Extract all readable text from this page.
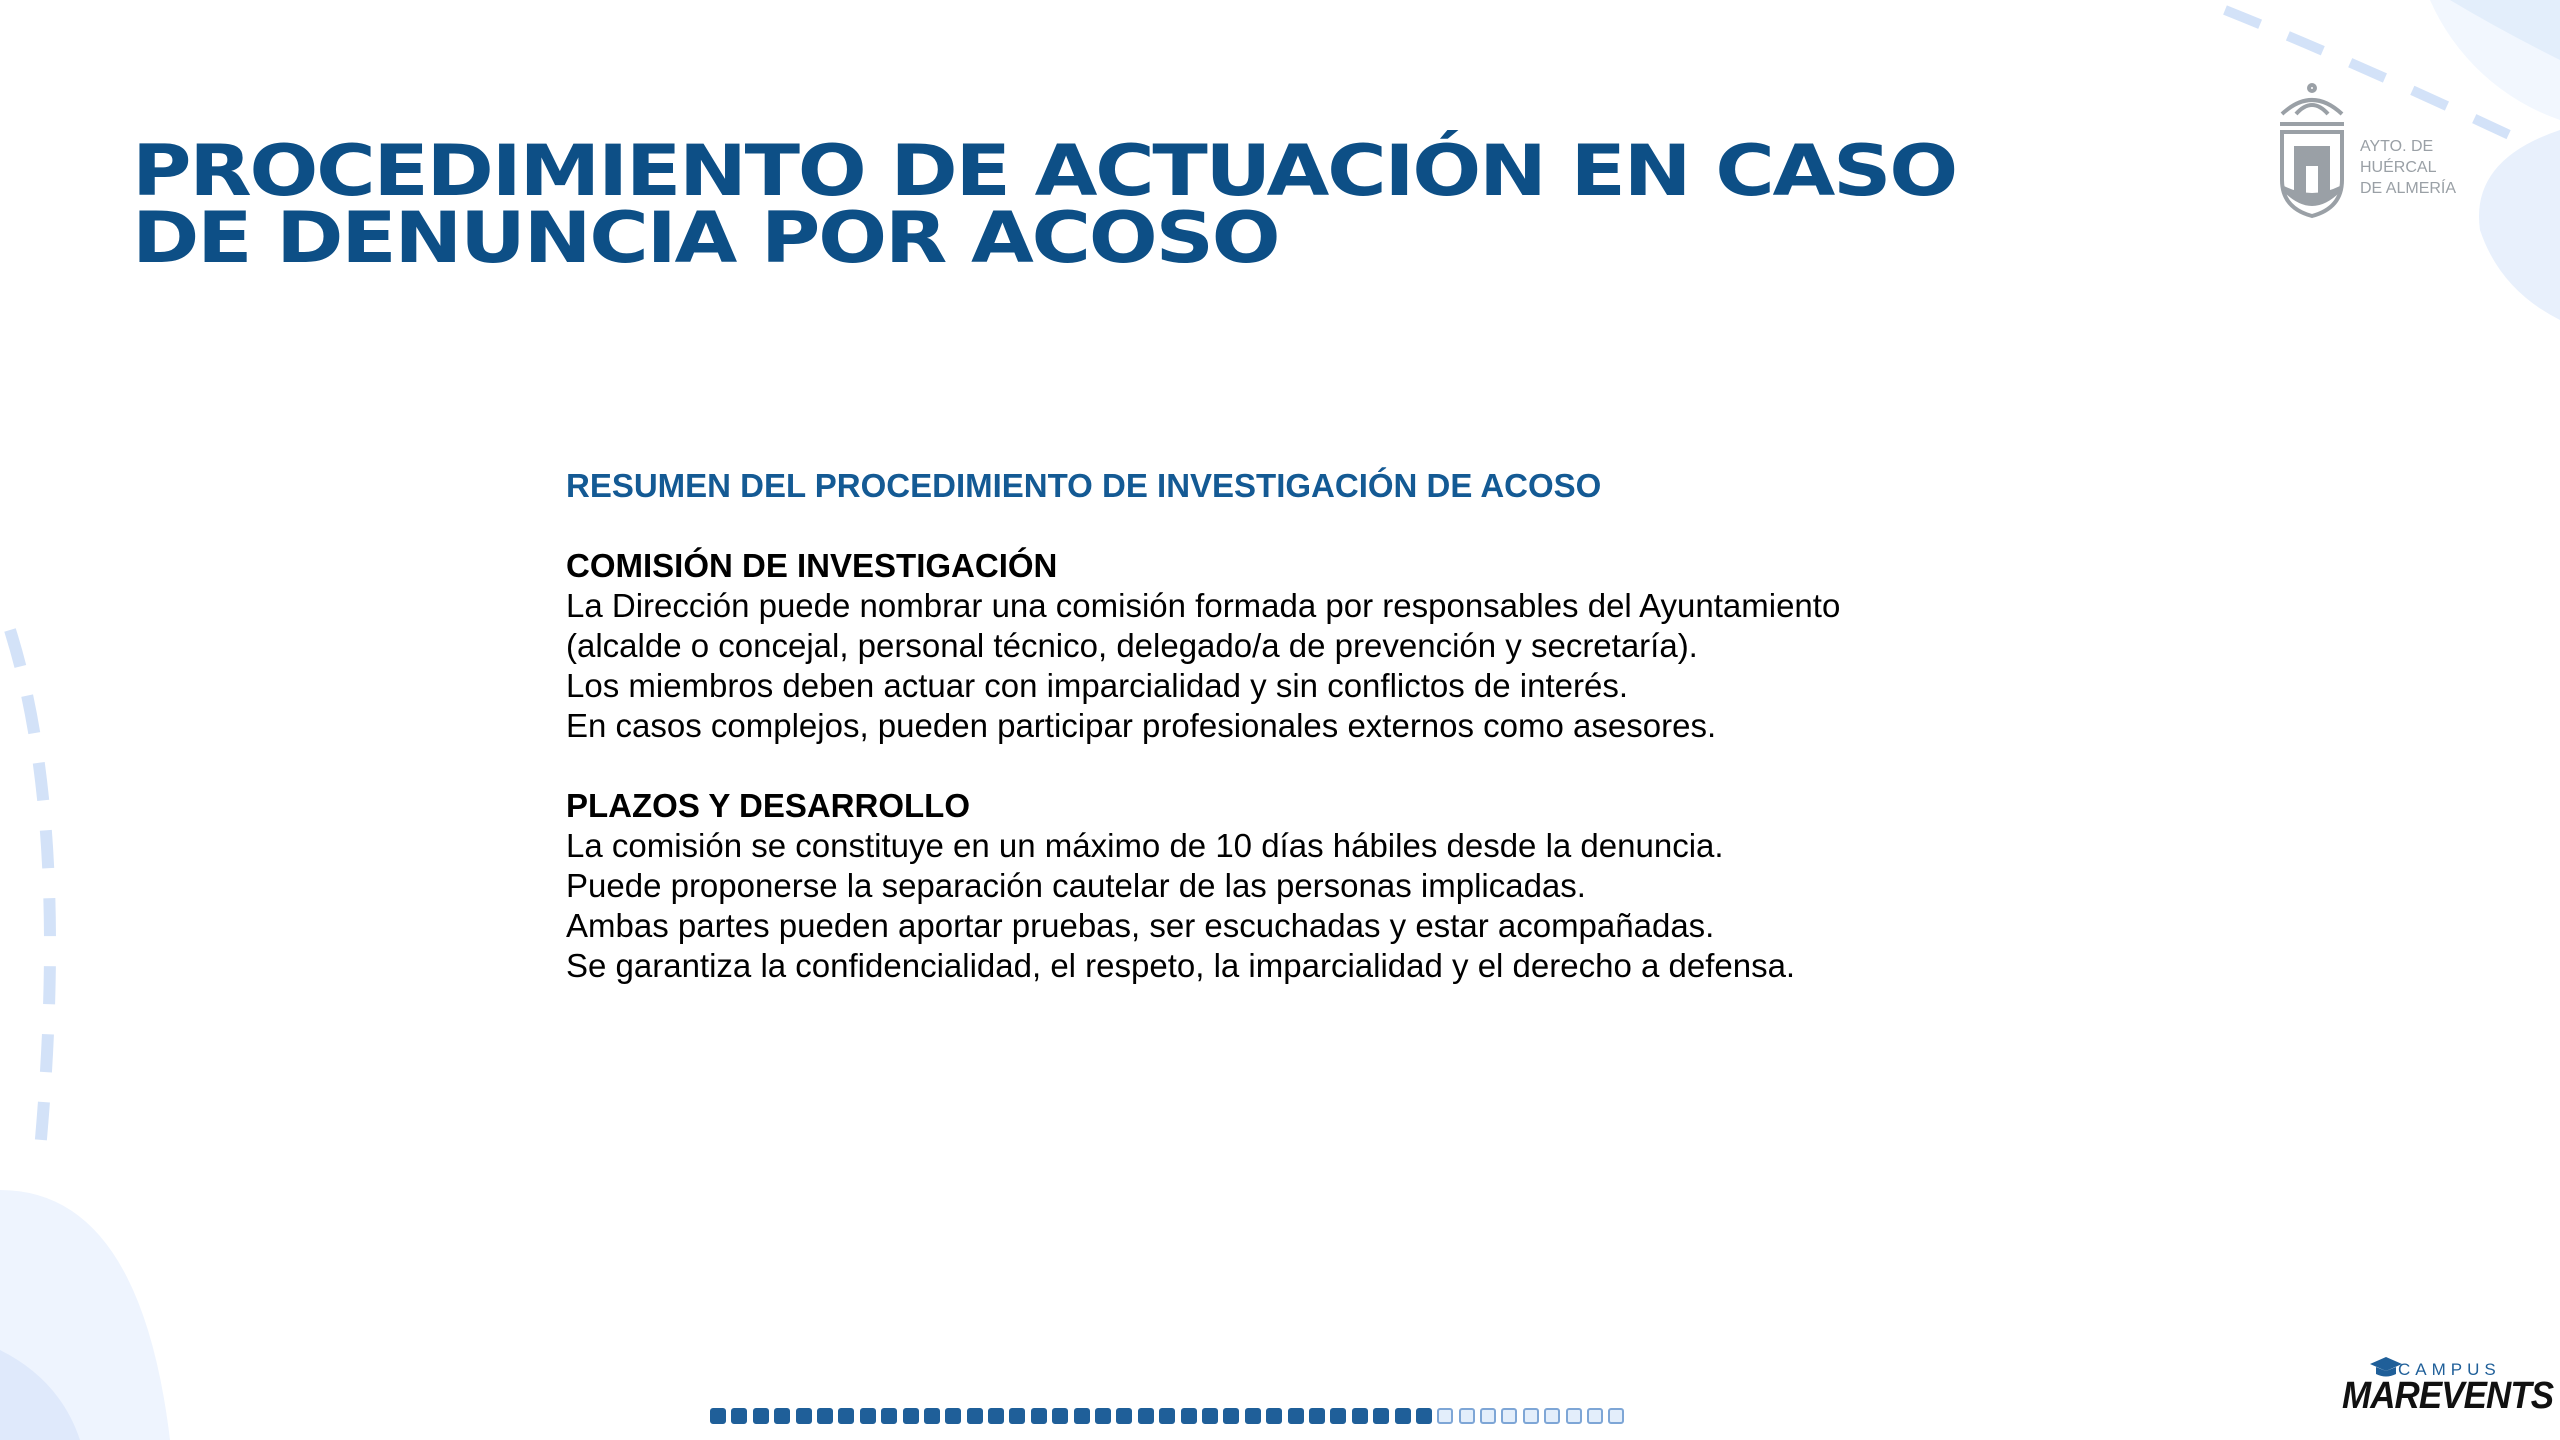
PROCEDIMIENTO DE ACTUACIÓN EN CASO
DE DENUNCIA POR ACOSO
AYTO. DE
HUÉRCAL
DE ALMERÍA
RESUMEN DEL PROCEDIMIENTO DE INVESTIGACIÓN DE ACOSO
COMISIÓN DE INVESTIGACIÓN

La Dirección puede nombrar una comisión formada por responsables del Ayuntamiento

(alcalde o concejal, personal técnico, delegado/a de prevención y secretaría).

Los miembros deben actuar con imparcialidad y sin conflictos de interés.

En casos complejos, pueden participar profesionales externos como asesores.

PLAZOS Y DESARROLLO

La comisión se constituye en un máximo de 10 días hábiles desde la denuncia.

Puede proponerse la separación cautelar de las personas implicadas.

Ambas partes pueden aportar pruebas, ser escuchadas y estar acompañadas.

Se garantiza la confidencialidad, el respeto, la imparcialidad y el derecho a defensa.

CAMPUS
MAREVENTS
